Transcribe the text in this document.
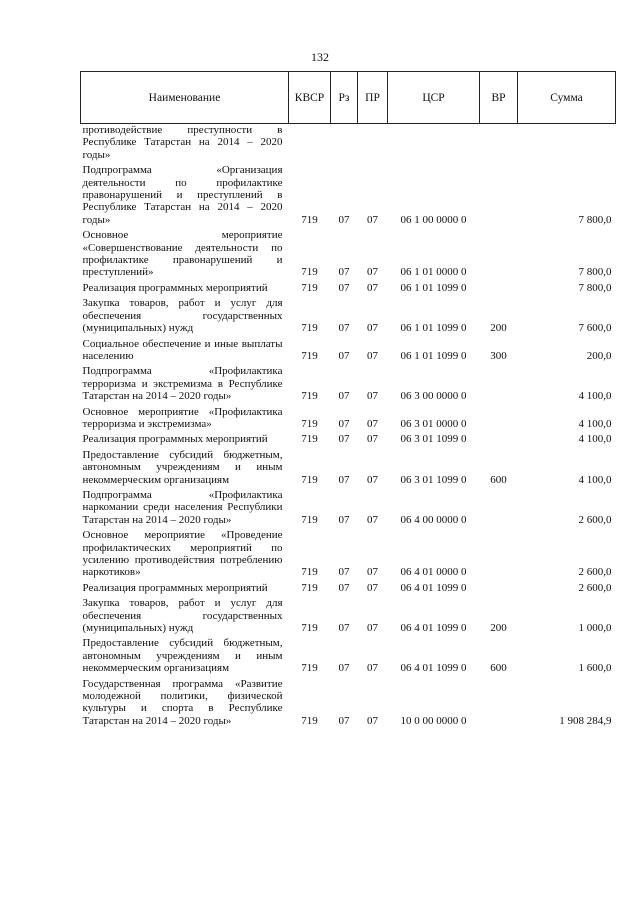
132
Наименование	КВСР	Рз	ПР	ЦСР	ВР	Сумма
противодействие преступности в Республике Татарстан на 2014 – 2020 годы»						
Подпрограмма «Организация деятельности по профилактике правонарушений и преступлений в Республике Татарстан на 2014 – 2020 годы»	719	07	07	06 1 00 0000 0		7 800,0
Основное мероприятие «Совершенствование деятельности по профилактике правонарушений и преступлений»	719	07	07	06 1 01 0000 0		7 800,0
Реализация программных мероприятий	719	07	07	06 1 01 1099 0		7 800,0
Закупка товаров, работ и услуг для обеспечения государственных (муниципальных) нужд	719	07	07	06 1 01 1099 0	200	7 600,0
Социальное обеспечение и иные выплаты населению	719	07	07	06 1 01 1099 0	300	200,0
Подпрограмма «Профилактика терроризма и экстремизма в Республике Татарстан на 2014 – 2020 годы»	719	07	07	06 3 00 0000 0		4 100,0
Основное мероприятие «Профилактика терроризма и экстремизма»	719	07	07	06 3 01 0000 0		4 100,0
Реализация программных мероприятий	719	07	07	06 3 01 1099 0		4 100,0
Предоставление субсидий бюджетным, автономным учреждениям и иным некоммерческим организациям	719	07	07	06 3 01 1099 0	600	4 100,0
Подпрограмма «Профилактика наркомании среди населения Республики Татарстан на 2014 – 2020 годы»	719	07	07	06 4 00 0000 0		2 600,0
Основное мероприятие «Проведение профилактических мероприятий по усилению противодействия потреблению наркотиков»	719	07	07	06 4 01 0000 0		2 600,0
Реализация программных мероприятий	719	07	07	06 4 01 1099 0		2 600,0
Закупка товаров, работ и услуг для обеспечения государственных (муниципальных) нужд	719	07	07	06 4 01 1099 0	200	1 000,0
Предоставление субсидий бюджетным, автономным учреждениям и иным некоммерческим организациям	719	07	07	06 4 01 1099 0	600	1 600,0
Государственная программа «Развитие молодежной политики, физической культуры и спорта в Республике Татарстан на 2014 – 2020 годы»	719	07	07	10 0 00 0000 0		1 908 284,9
